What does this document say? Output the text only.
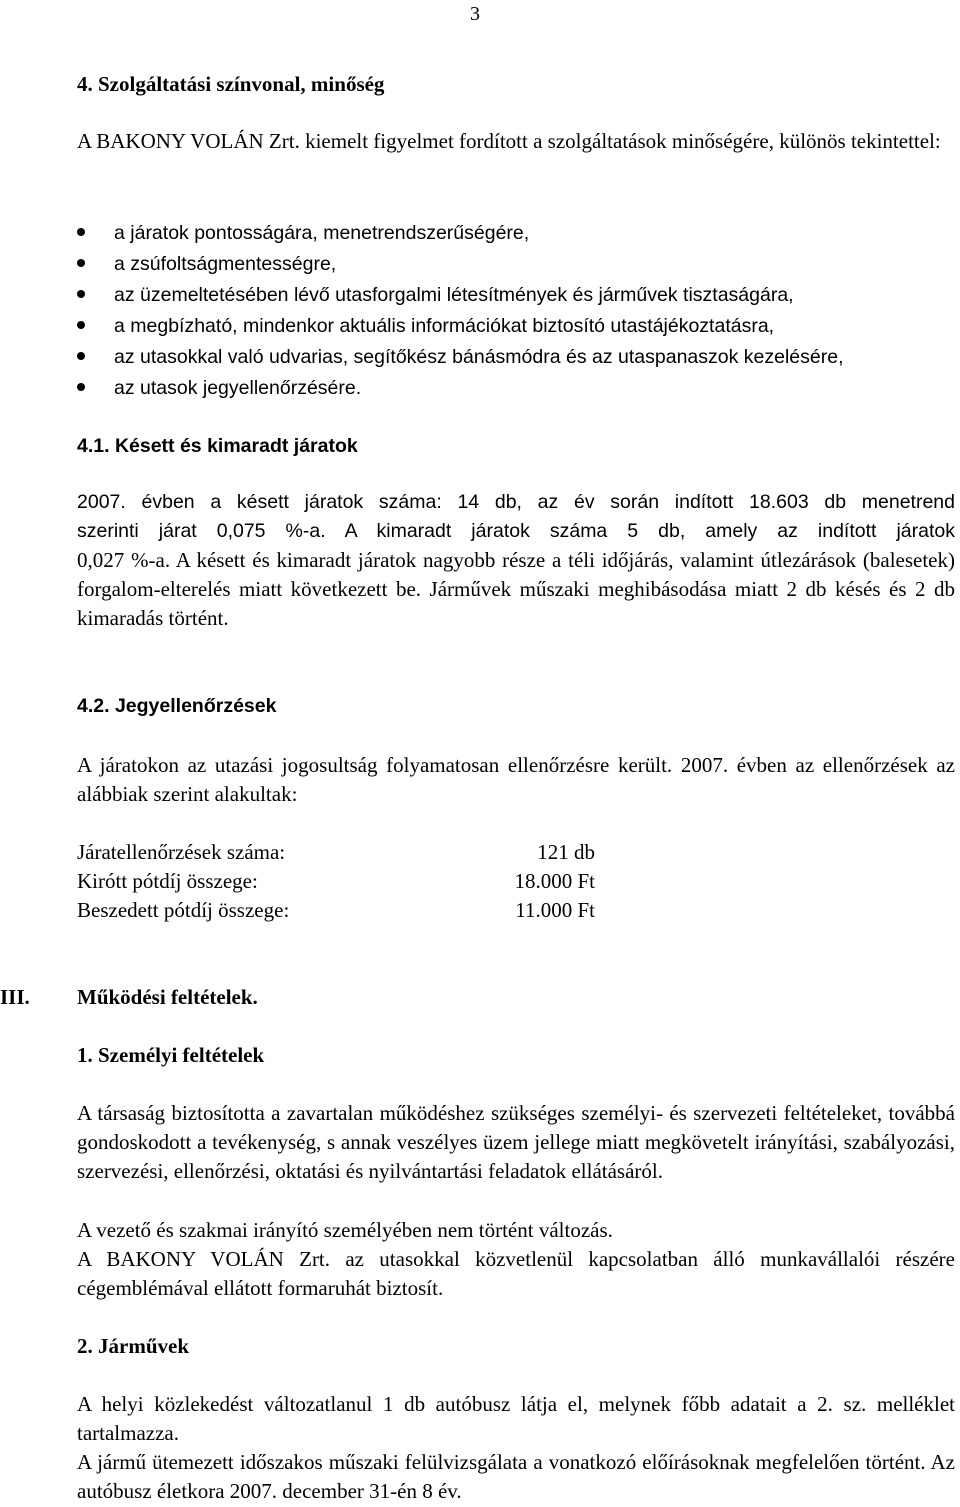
3
4. Szolgáltatási színvonal, minőség

A BAKONY VOLÁN Zrt. kiemelt figyelmet fordított a szolgáltatások minőségére, különös tekintettel:

a járatok pontosságára, menetrendszerűségére,
a zsúfoltságmentességre,
az üzemeltetésében lévő utasforgalmi létesítmények és járművek tisztaságára,
a megbízható, mindenkor aktuális információkat biztosító utastájékoztatásra,
az utasokkal való udvarias, segítőkész bánásmódra és az utaspanaszok kezelésére,
az utasok jegyellenőrzésére.
4.1. Késett és kimaradt járatok
2007. évben a késett járatok száma: 14 db, az év során indított 18.603 db menetrend
szerinti járat 0,075 %-a. A kimaradt járatok száma 5 db, amely az indított járatok

0,027 %-a. A késett és kimaradt járatok nagyobb része a téli időjárás, valamint útlezárások (balesetek) forgalom-elterelés miatt következett be. Járművek műszaki meghibásodása miatt 2 db késés és 2 db kimaradás történt.

4.2. Jegyellenőrzések

A járatokon az utazási jogosultság folyamatosan ellenőrzésre került. 2007. évben az ellenőrzések az alábbiak szerint alakultak:

Járatellenőrzések száma:	121 db
Kirótt pótdíj összege:	18.000 Ft
Beszedett pótdíj összege:	11.000 Ft
III. Működési feltételek.
1. Személyi feltételek

A társaság biztosította a zavartalan működéshez szükséges személyi- és szervezeti feltételeket, továbbá gondoskodott a tevékenység, s annak veszélyes üzem jellege miatt megkövetelt irányítási, szabályozási, szervezési, ellenőrzési, oktatási és nyilvántartási feladatok ellátásáról.

A vezető és szakmai irányító személyében nem történt változás.

A BAKONY VOLÁN Zrt. az utasokkal közvetlenül kapcsolatban álló munkavállalói részére cégemblémával ellátott formaruhát biztosít.

2. Járművek

A helyi közlekedést változatlanul 1 db autóbusz látja el, melynek főbb adatait a 2. sz. melléklet tartalmazza.

A jármű ütemezett időszakos műszaki felülvizsgálata a vonatkozó előírásoknak megfelelően történt. Az autóbusz életkora 2007. december 31-én 8 év.
